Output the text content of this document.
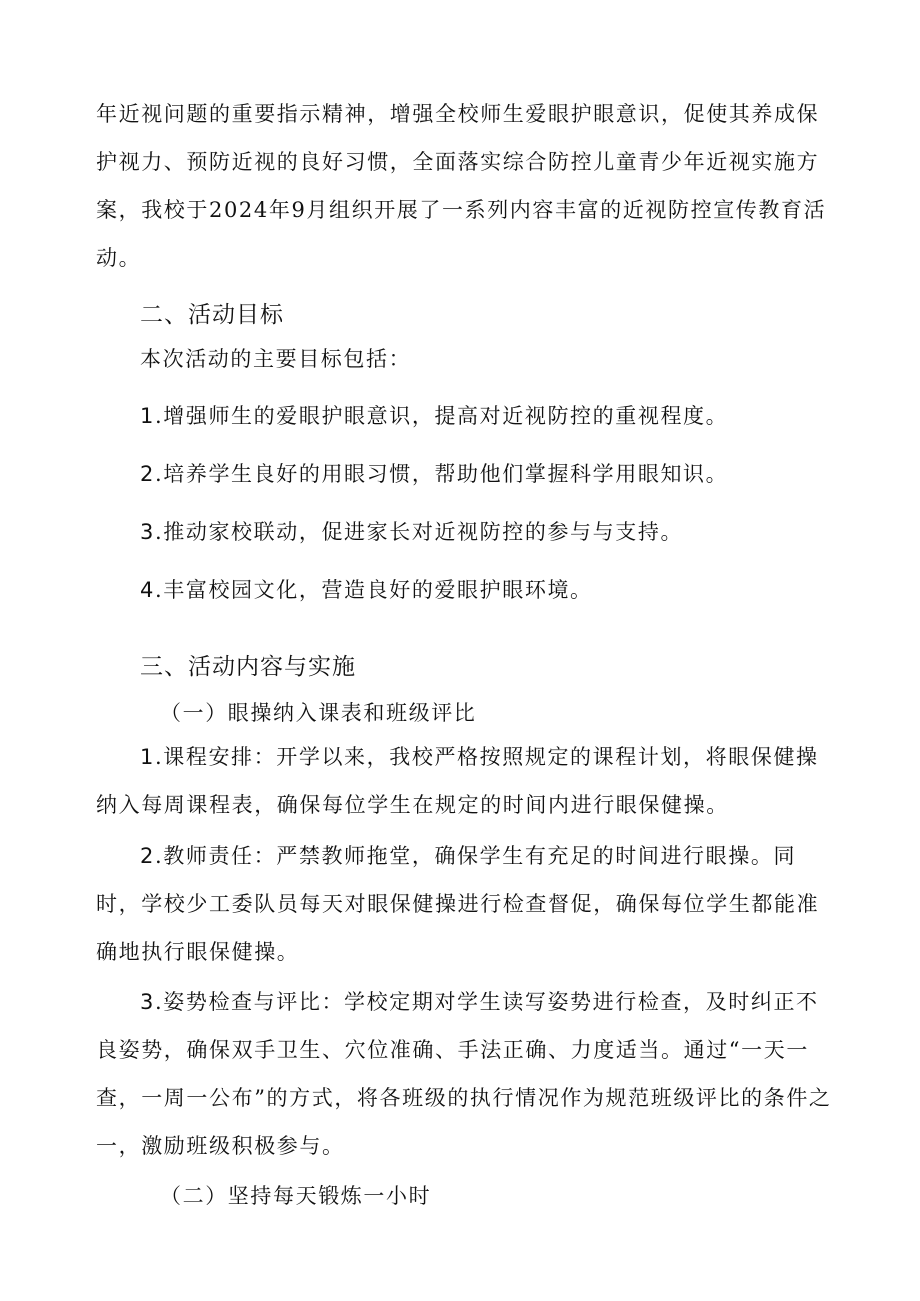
年近视问题的重要指示精神，增强全校师生爱眼护眼意识，促使其养成保护视力、预防近视的良好习惯，全面落实综合防控儿童青少年近视实施方案，我校于2024年9月组织开展了一系列内容丰富的近视防控宣传教育活动。
二、活动目标
本次活动的主要目标包括：
1.增强师生的爱眼护眼意识，提高对近视防控的重视程度。
2.培养学生良好的用眼习惯，帮助他们掌握科学用眼知识。
3.推动家校联动，促进家长对近视防控的参与与支持。
4.丰富校园文化，营造良好的爱眼护眼环境。
三、活动内容与实施
（一）眼操纳入课表和班级评比
1.课程安排：开学以来，我校严格按照规定的课程计划，将眼保健操纳入每周课程表，确保每位学生在规定的时间内进行眼保健操。
2.教师责任：严禁教师拖堂，确保学生有充足的时间进行眼操。同时，学校少工委队员每天对眼保健操进行检查督促，确保每位学生都能准确地执行眼保健操。
3.姿势检查与评比：学校定期对学生读写姿势进行检查，及时纠正不良姿势，确保双手卫生、穴位准确、手法正确、力度适当。通过“一天一查，一周一公布”的方式，将各班级的执行情况作为规范班级评比的条件之一，激励班级积极参与。
（二）坚持每天锻炼一小时
